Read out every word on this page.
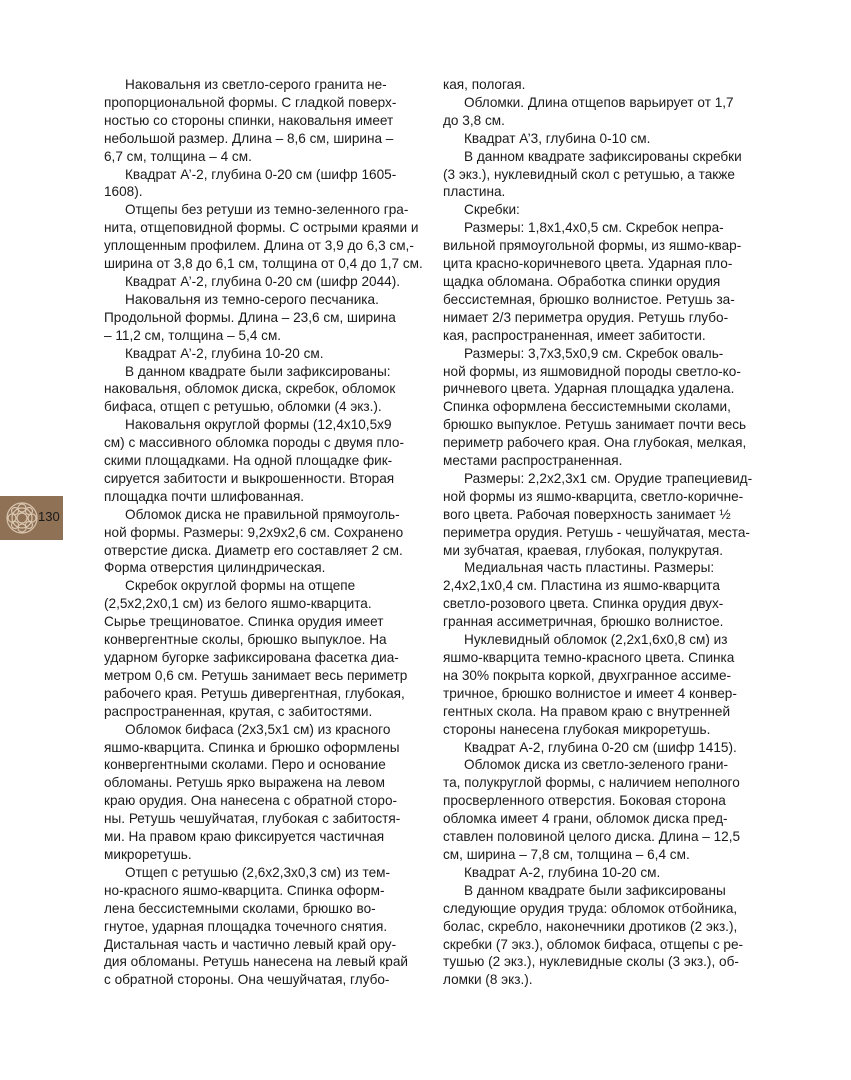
130

Наковальня из светло-серого гранита не-
пропорциональной формы. С гладкой поверх-
ностью со стороны спинки, наковальня имеет
небольшой размер. Длина – 8,6 см, ширина –
6,7 см, толщина – 4 см.

Квадрат А’-2, глубина 0-20 см (шифр 1605-
1608).

Отщепы без ретуши из темно-зеленного гра-
нита, отщеповидной формы. С острыми краями и
уплощенным профилем. Длина от 3,9 до 6,3 см,-
ширина от 3,8 до 6,1 см, толщина от 0,4 до 1,7 см.

Квадрат А’-2, глубина 0-20 см (шифр 2044).

Наковальня из темно-серого песчаника.
Продольной формы. Длина – 23,6 см, ширина
– 11,2 см, толщина – 5,4 см.

Квадрат А’-2, глубина 10-20 см.

В данном квадрате были зафиксированы:
наковальня, обломок диска, скребок, обломок
бифаса, отщеп с ретушью, обломки (4 экз.).

Наковальня округлой формы (12,4х10,5х9
см) с массивного обломка породы с двумя пло-
скими площадками. На одной площадке фик-
сируется забитости и выкрошенности. Вторая
площадка почти шлифованная.

Обломок диска не правильной прямоуголь-
ной формы. Размеры: 9,2х9х2,6 см. Сохранено
отверстие диска. Диаметр его составляет 2 см.
Форма отверстия цилиндрическая.

Скребок округлой формы на отщепе
(2,5х2,2х0,1 см) из белого яшмо-кварцита.
Сырье трещиноватое. Спинка орудия имеет
конвергентные сколы, брюшко выпуклое. На
ударном бугорке зафиксирована фасетка диа-
метром 0,6 см. Ретушь занимает весь периметр
рабочего края. Ретушь дивергентная, глубокая,
распространенная, крутая, с забитостями.

Обломок бифаса (2х3,5х1 см) из красного
яшмо-кварцита. Спинка и брюшко оформлены
конвергентными сколами. Перо и основание
обломаны. Ретушь ярко выражена на левом
краю орудия. Она нанесена с обратной сторо-
ны. Ретушь чешуйчатая, глубокая с забитостя-
ми. На правом краю фиксируется частичная
микроретушь.

Отщеп с ретушью (2,6х2,3х0,3 см) из тем-
но-красного яшмо-кварцита. Спинка оформ-
лена бессистемными сколами, брюшко во-
гнутое, ударная площадка точечного снятия.
Дистальная часть и частично левый край ору-
дия обломаны. Ретушь нанесена на левый край
с обратной стороны. Она чешуйчатая, глубо-

кая, пологая.

Обломки. Длина отщепов варьирует от 1,7
до 3,8 см.

Квадрат А’3, глубина 0-10 см.

В данном квадрате зафиксированы скребки
(3 экз.), нуклевидный скол с ретушью, а также
пластина.

Скребки:

Размеры: 1,8х1,4х0,5 см. Скребок непра-
вильной прямоугольной формы, из яшмо-квар-
цита красно-коричневого цвета. Ударная пло-
щадка обломана. Обработка спинки орудия
бессистемная, брюшко волнистое. Ретушь за-
нимает 2/3 периметра орудия. Ретушь глубо-
кая, распространенная, имеет забитости.

Размеры: 3,7х3,5х0,9 см. Скребок оваль-
ной формы, из яшмовидной породы светло-ко-
ричневого цвета. Ударная площадка удалена.
Спинка оформлена бессистемными сколами,
брюшко выпуклое. Ретушь занимает почти весь
периметр рабочего края. Она глубокая, мелкая,
местами распространенная.

Размеры: 2,2х2,3х1 см. Орудие трапециевид-
ной формы из яшмо-кварцита, светло-коричне-
вого цвета. Рабочая поверхность занимает ½
периметра орудия. Ретушь - чешуйчатая, места-
ми зубчатая, краевая, глубокая, полукрутая.

Медиальная часть пластины. Размеры:
2,4х2,1х0,4 см. Пластина из яшмо-кварцита
светло-розового цвета. Спинка орудия двух-
гранная ассиметричная, брюшко волнистое.

Нуклевидный обломок (2,2х1,6х0,8 см) из
яшмо-кварцита темно-красного цвета. Спинка
на 30% покрыта коркой, двухгранное ассиме-
тричное, брюшко волнистое и имеет 4 конвер-
гентных скола. На правом краю с внутренней
стороны нанесена глубокая микроретушь.

Квадрат А-2, глубина 0-20 см (шифр 1415).

Обломок диска из светло-зеленого грани-
та, полукруглой формы, с наличием неполного
просверленного отверстия. Боковая сторона
обломка имеет 4 грани, обломок диска пред-
ставлен половиной целого диска. Длина – 12,5
см, ширина – 7,8 см, толщина – 6,4 см.

Квадрат А-2, глубина 10-20 см.

В данном квадрате были зафиксированы
следующие орудия труда: обломок отбойника,
болас, скребло, наконечники дротиков (2 экз.),
скребки (7 экз.), обломок бифаса, отщепы с ре-
тушью (2 экз.), нуклевидные сколы (3 экз.), об-
ломки (8 экз.).
